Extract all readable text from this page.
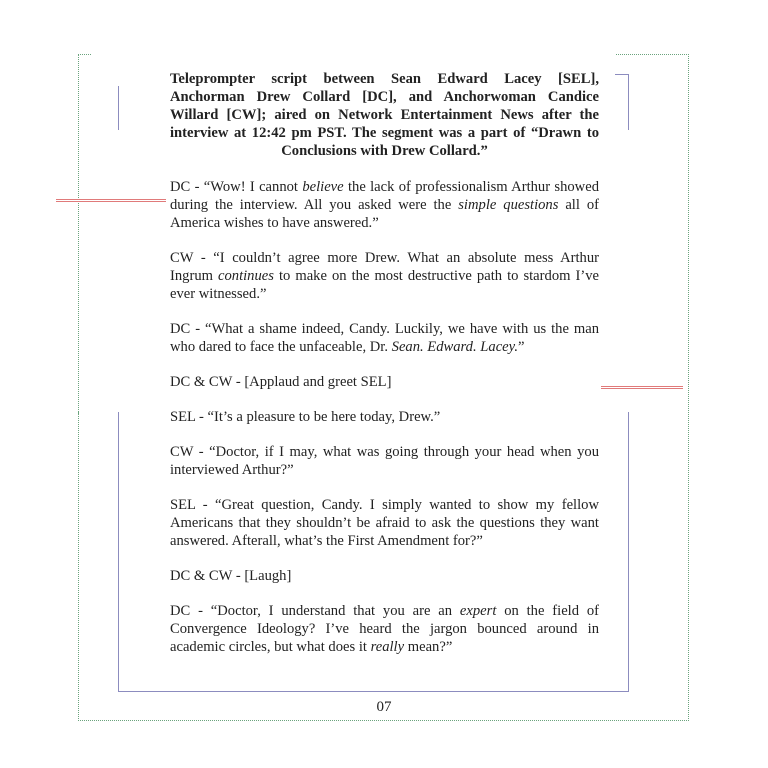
Teleprompter script between Sean Edward Lacey [SEL], Anchorman Drew Collard [DC], and Anchorwoman Candice Willard [CW]; aired on Network Entertainment News after the interview at 12:42 pm PST. The segment was a part of “Drawn to Conclusions with Drew Collard.”

DC - “Wow! I cannot believe the lack of professionalism Arthur showed during the interview. All you asked were the simple questions all of America wishes to have answered.”

CW - “I couldn’t agree more Drew. What an absolute mess Arthur Ingrum continues to make on the most destructive path to stardom I’ve ever witnessed.”

DC - “What a shame indeed, Candy. Luckily, we have with us the man who dared to face the unfaceable, Dr. Sean. Edward. Lacey.”

DC & CW - [Applaud and greet SEL]

SEL - “It’s a pleasure to be here today, Drew.”

CW - “Doctor, if I may, what was going through your head when you interviewed Arthur?”

SEL - “Great question, Candy. I simply wanted to show my fellow Americans that they shouldn’t be afraid to ask the questions they want answered. Afterall, what’s the First Amendment for?”

DC & CW - [Laugh]

DC - “Doctor, I understand that you are an expert on the field of Convergence Ideology? I’ve heard the jargon bounced around in academic circles, but what does it really mean?”

07
